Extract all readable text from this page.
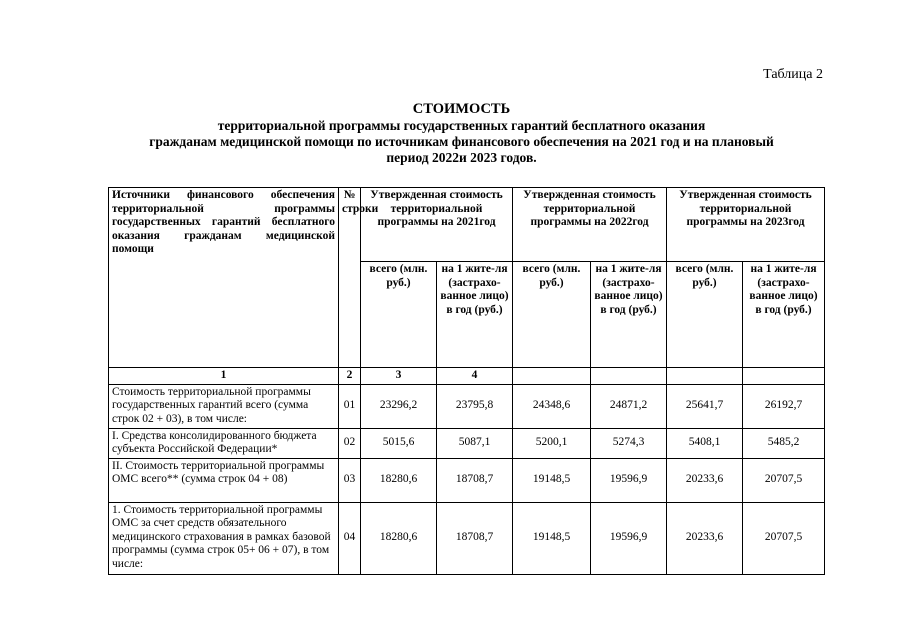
Таблица 2
СТОИМОСТЬ
территориальной программы государственных гарантий бесплатного оказания
гражданам медицинской помощи по источникам финансового обеспечения на 2021 год и на плановый
период 2022и 2023 годов.
Источники финансового обеспечения территориальной программы государственных гарантий бесплатного оказания гражданам медицинской помощи	№ строки	Утвержденная стоимость территориальной программы на 2021год		Утвержденная стоимость территориальной программы на 2022год		Утвержденная стоимость территориальной программы на 2023год	
		всего (млн. руб.)	на 1 жите-ля (застрахо-ванное лицо) в год (руб.)	всего (млн. руб.)	на 1 жите-ля (застрахо-ванное лицо) в год (руб.)	всего (млн. руб.)	на 1 жите-ля (застрахо-ванное лицо) в год (руб.)
1	2	3	4				
Стоимость территориальной программы государственных гарантий всего (сумма строк 02 + 03), в том числе:	01	23296,2	23795,8	24348,6	24871,2	25641,7	26192,7
I. Средства консолидированного бюджета субъекта Российской Федерации*	02	5015,6	5087,1	5200,1	5274,3	5408,1	5485,2
II. Стоимость территориальной программы ОМС всего** (сумма строк 04 + 08)	03	18280,6	18708,7	19148,5	19596,9	20233,6	20707,5
1. Стоимость территориальной программы ОМС за счет средств обязательного медицинского страхования в рамках базовой программы (сумма строк 05+ 06 + 07), в том числе:	04	18280,6	18708,7	19148,5	19596,9	20233,6	20707,5
